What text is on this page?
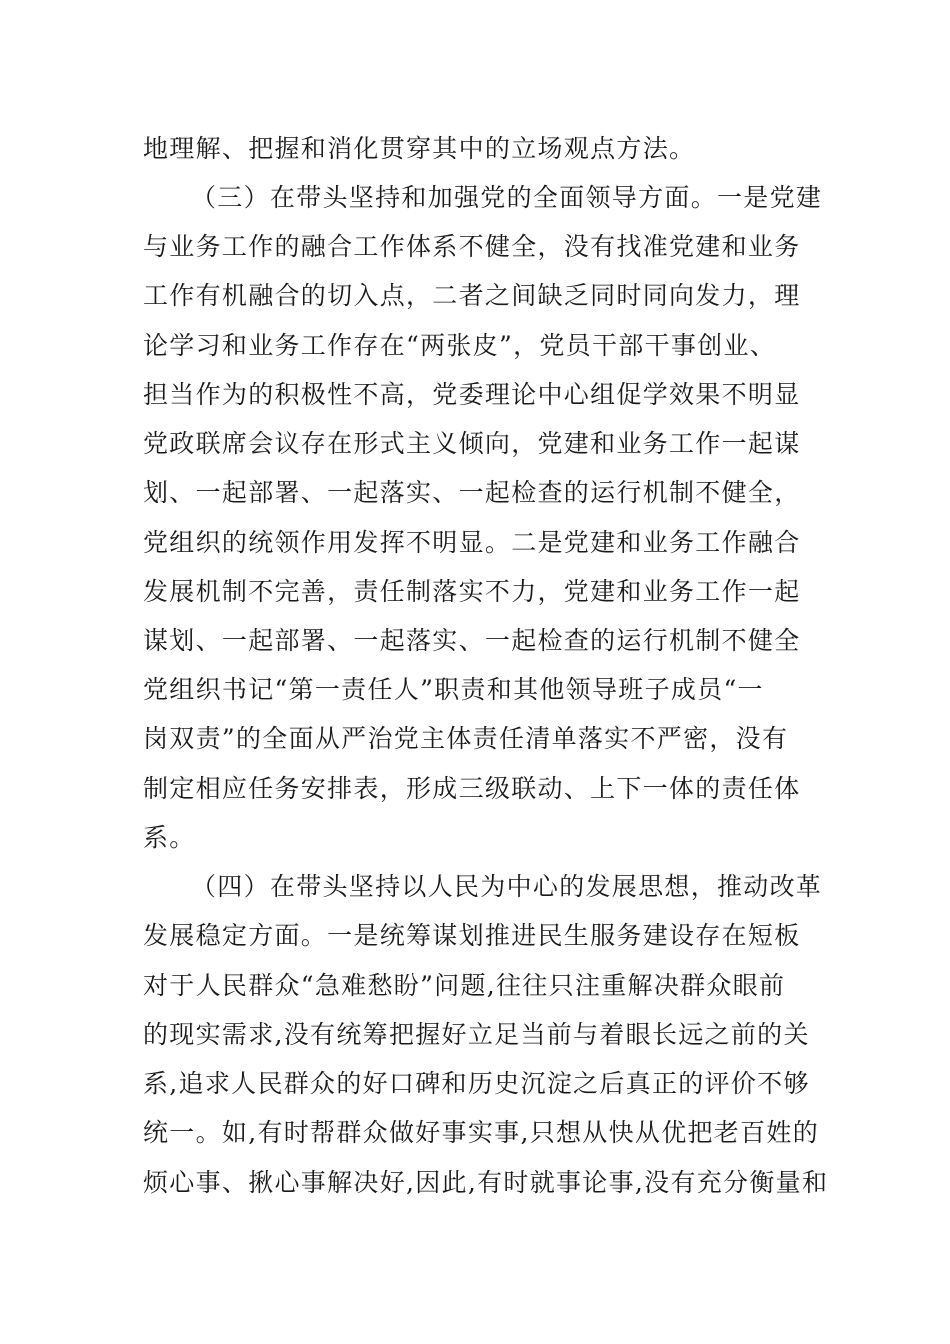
地理解、把握和消化贯穿其中的立场观点方法。
（三）在带头坚持和加强党的全面领导方面。一是党建
与业务工作的融合工作体系不健全，没有找准党建和业务
工作有机融合的切入点，二者之间缺乏同时同向发力，理
论学习和业务工作存在“两张皮”，党员干部干事创业、
担当作为的积极性不高，党委理论中心组促学效果不明显
党政联席会议存在形式主义倾向，党建和业务工作一起谋
划、一起部署、一起落实、一起检查的运行机制不健全，
党组织的统领作用发挥不明显。二是党建和业务工作融合
发展机制不完善，责任制落实不力，党建和业务工作一起
谋划、一起部署、一起落实、一起检查的运行机制不健全
党组织书记“第一责任人”职责和其他领导班子成员“一
岗双责”的全面从严治党主体责任清单落实不严密，没有
制定相应任务安排表，形成三级联动、上下一体的责任体
系。
（四）在带头坚持以人民为中心的发展思想，推动改革
发展稳定方面。一是统筹谋划推进民生服务建设存在短板
对于人民群众“急难愁盼”问题,往往只注重解决群众眼前
的现实需求,没有统筹把握好立足当前与着眼长远之前的关
系,追求人民群众的好口碑和历史沉淀之后真正的评价不够
统一。如,有时帮群众做好事实事,只想从快从优把老百姓的
烦心事、揪心事解决好,因此,有时就事论事,没有充分衡量和
